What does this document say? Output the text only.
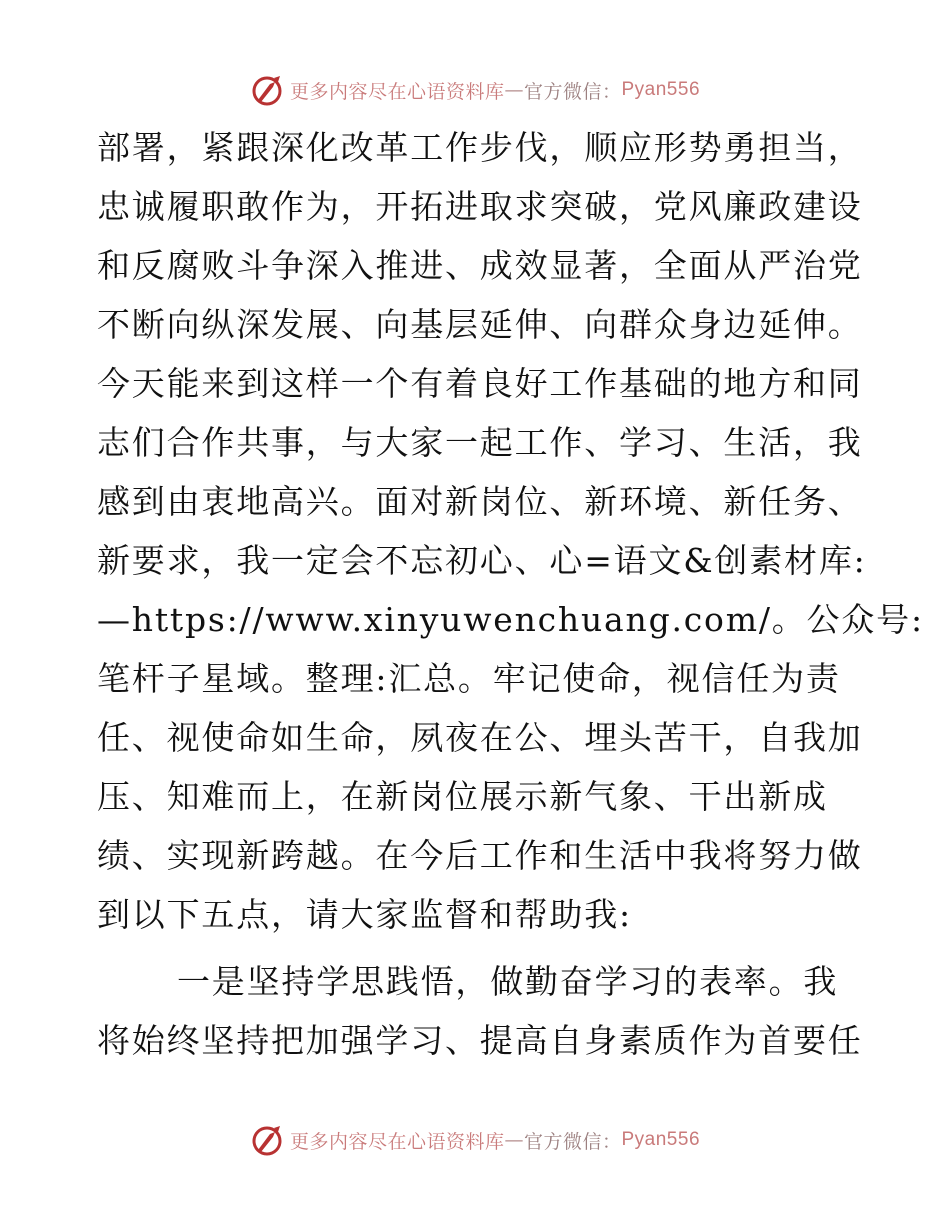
更多内容尽在心语资料库 — 官方微信： Pyan556
部署，紧跟深化改革工作步伐，顺应形势勇担当，
忠诚履职敢作为，开拓进取求突破，党风廉政建设
和反腐败斗争深入推进、成效显著，全面从严治党
不断向纵深发展、向基层延伸、向群众身边延伸。
今天能来到这样一个有着良好工作基础的地方和同
志们合作共事，与大家一起工作、学习、生活，我
感到由衷地高兴。面对新岗位、新环境、新任务、
新要求，我一定会不忘初心、心=语文&创素材库:
—https://www.xinyuwenchuang.com/。公众号:
笔杆子星域。整理:汇总。牢记使命，视信任为责
任、视使命如生命，夙夜在公、埋头苦干，自我加
压、知难而上，在新岗位展示新气象、干出新成
绩、实现新跨越。在今后工作和生活中我将努力做
到以下五点，请大家监督和帮助我:
一是坚持学思践悟，做勤奋学习的表率。我
将始终坚持把加强学习、提高自身素质作为首要任
更多内容尽在心语资料库 — 官方微信： Pyan556
